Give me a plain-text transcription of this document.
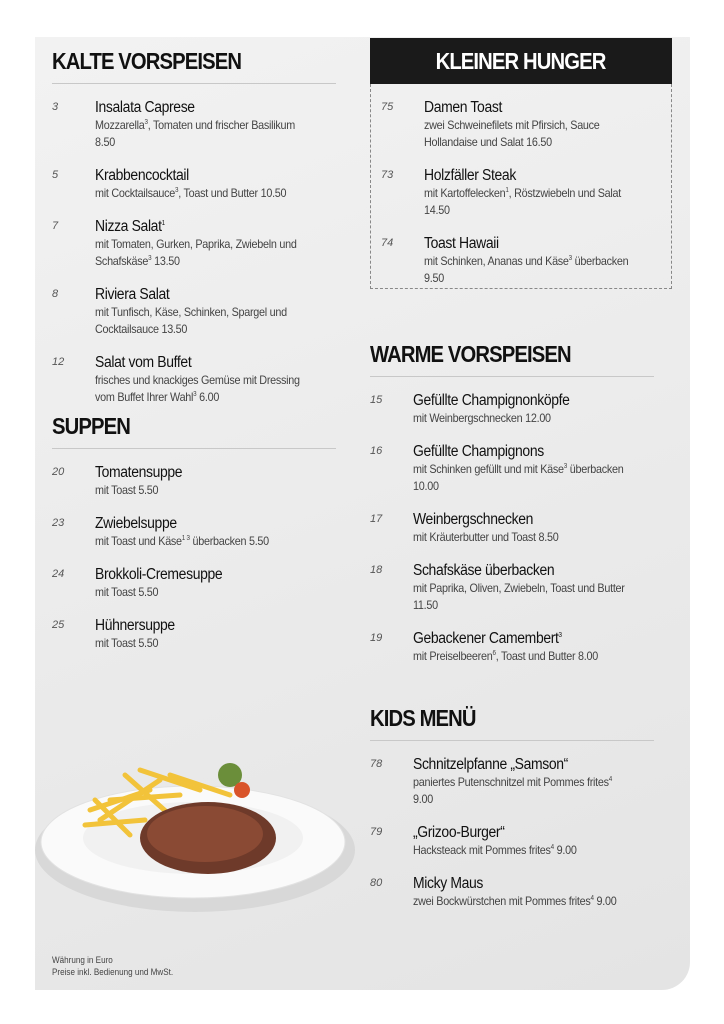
KALTE VORSPEISEN
3 Insalata Caprese
Mozzarella$^3$, Tomaten und frischer Basilikum 8.50
5 Krabbencocktail
mit Cocktailsauce$^3$, Toast und Butter 10.50
7 Nizza Salat$^1$
mit Tomaten, Gurken, Paprika, Zwiebeln und Schafskäse$^3$ 13.50
8 Riviera Salat
mit Tunfisch, Käse, Schinken, Spargel und Cocktailsauce 13.50
12 Salat vom Buffet
frisches und knackiges Gemüse mit Dressing vom Buffet Ihrer Wahl$^3$ 6.00
SUPPEN
20 Tomatensuppe
mit Toast 5.50
23 Zwiebelsuppe
mit Toast und Käse$^{1 3}$ überbacken 5.50
24 Brokkoli-Cremesuppe
mit Toast 5.50
25 Hühnersuppe
mit Toast 5.50
KLEINER HUNGER
75 Damen Toast
zwei Schweinefilets mit Pfirsich, Sauce Hollandaise und Salat 16.50
73 Holzfäller Steak
mit Kartoffelecken$^1$, Röstzwiebeln und Salat 14.50
74 Toast Hawaii
mit Schinken, Ananas und Käse$^3$ überbacken 9.50
WARME VORSPEISEN
15 Gefüllte Champignonköpfe
mit Weinbergschnecken 12.00
16 Gefüllte Champignons
mit Schinken gefüllt und mit Käse$^3$ überbacken 10.00
17 Weinbergschnecken
mit Kräuterbutter und Toast 8.50
18 Schafskäse überbacken
mit Paprika, Oliven, Zwiebeln, Toast und Butter 11.50
19 Gebackener Camembert$^3$
mit Preiselbeeren$^6$, Toast und Butter 8.00
KIDS MENÜ
78 Schnitzelpfanne „Samson“
paniertes Putenschnitzel mit Pommes frites$^4$ 9.00
79 „Grizoo-Burger“
Hacksteack mit Pommes frites$^4$ 9.00
80 Micky Maus
zwei Bockwürstchen mit Pommes frites$^4$ 9.00
Währung in Euro
Preise inkl. Bedienung und MwSt.
